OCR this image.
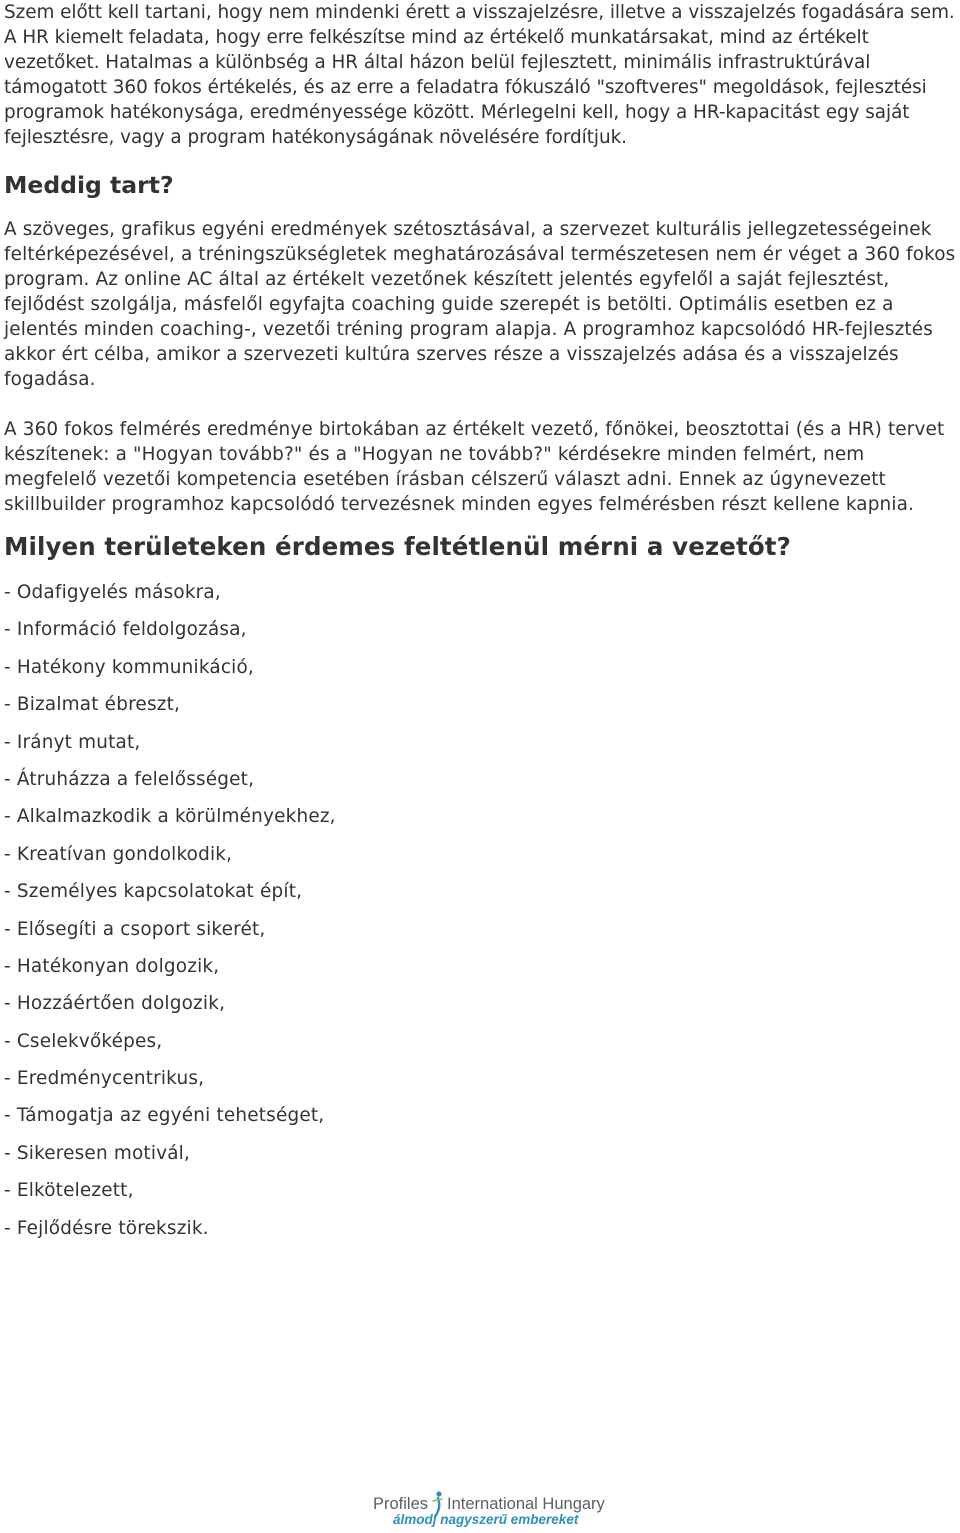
Szem előtt kell tartani, hogy nem mindenki érett a visszajelzésre, illetve a visszajelzés fogadására sem. A HR kiemelt feladata, hogy erre felkészítse mind az értékelő munkatársakat, mind az értékelt vezetőket. Hatalmas a különbség a HR által házon belül fejlesztett, minimális infrastruktúrával támogatott 360 fokos értékelés, és az erre a feladatra fókuszáló "szoftveres" megoldások, fejlesztési programok hatékonysága, eredményessége között. Mérlegelni kell, hogy a HR-kapacitást egy saját fejlesztésre, vagy a program hatékonyságának növelésére fordítjuk.

Meddig tart?

A szöveges, grafikus egyéni eredmények szétosztásával, a szervezet kulturális jellegzetességeinek feltérképezésével, a tréningszükségletek meghatározásával természetesen nem ér véget a 360 fokos program. Az online AC által az értékelt vezetőnek készített jelentés egyfelől a saját fejlesztést, fejlődést szolgálja, másfelől egyfajta coaching guide szerepét is betölti. Optimális esetben ez a jelentés minden coaching-, vezetői tréning program alapja. A programhoz kapcsolódó HR-fejlesztés akkor ért célba, amikor a szervezeti kultúra szerves része a visszajelzés adása és a visszajelzés fogadása.

A 360 fokos felmérés eredménye birtokában az értékelt vezető, főnökei, beosztottai (és a HR) tervet készítenek: a "Hogyan tovább?" és a "Hogyan ne tovább?" kérdésekre minden felmért, nem megfelelő vezetői kompetencia esetében írásban célszerű választ adni. Ennek az úgynevezett skillbuilder programhoz kapcsolódó tervezésnek minden egyes felmérésben részt kellene kapnia.

Milyen területeken érdemes feltétlenül mérni a vezetőt?
- Odafigyelés másokra,
- Információ feldolgozása,
- Hatékony kommunikáció,
- Bizalmat ébreszt,
- Irányt mutat,
- Átruházza a felelősséget,
- Alkalmazkodik a körülményekhez,
- Kreatívan gondolkodik,
- Személyes kapcsolatokat épít,
- Elősegíti a csoport sikerét,
- Hatékonyan dolgozik,
- Hozzáértően dolgozik,
- Cselekvőképes,
- Eredménycentrikus,
- Támogatja az egyéni tehetséget,
- Sikeresen motivál,
- Elkötelezett,
- Fejlődésre törekszik.
Profiles International Hungary
álmodj nagyszerű embereket
